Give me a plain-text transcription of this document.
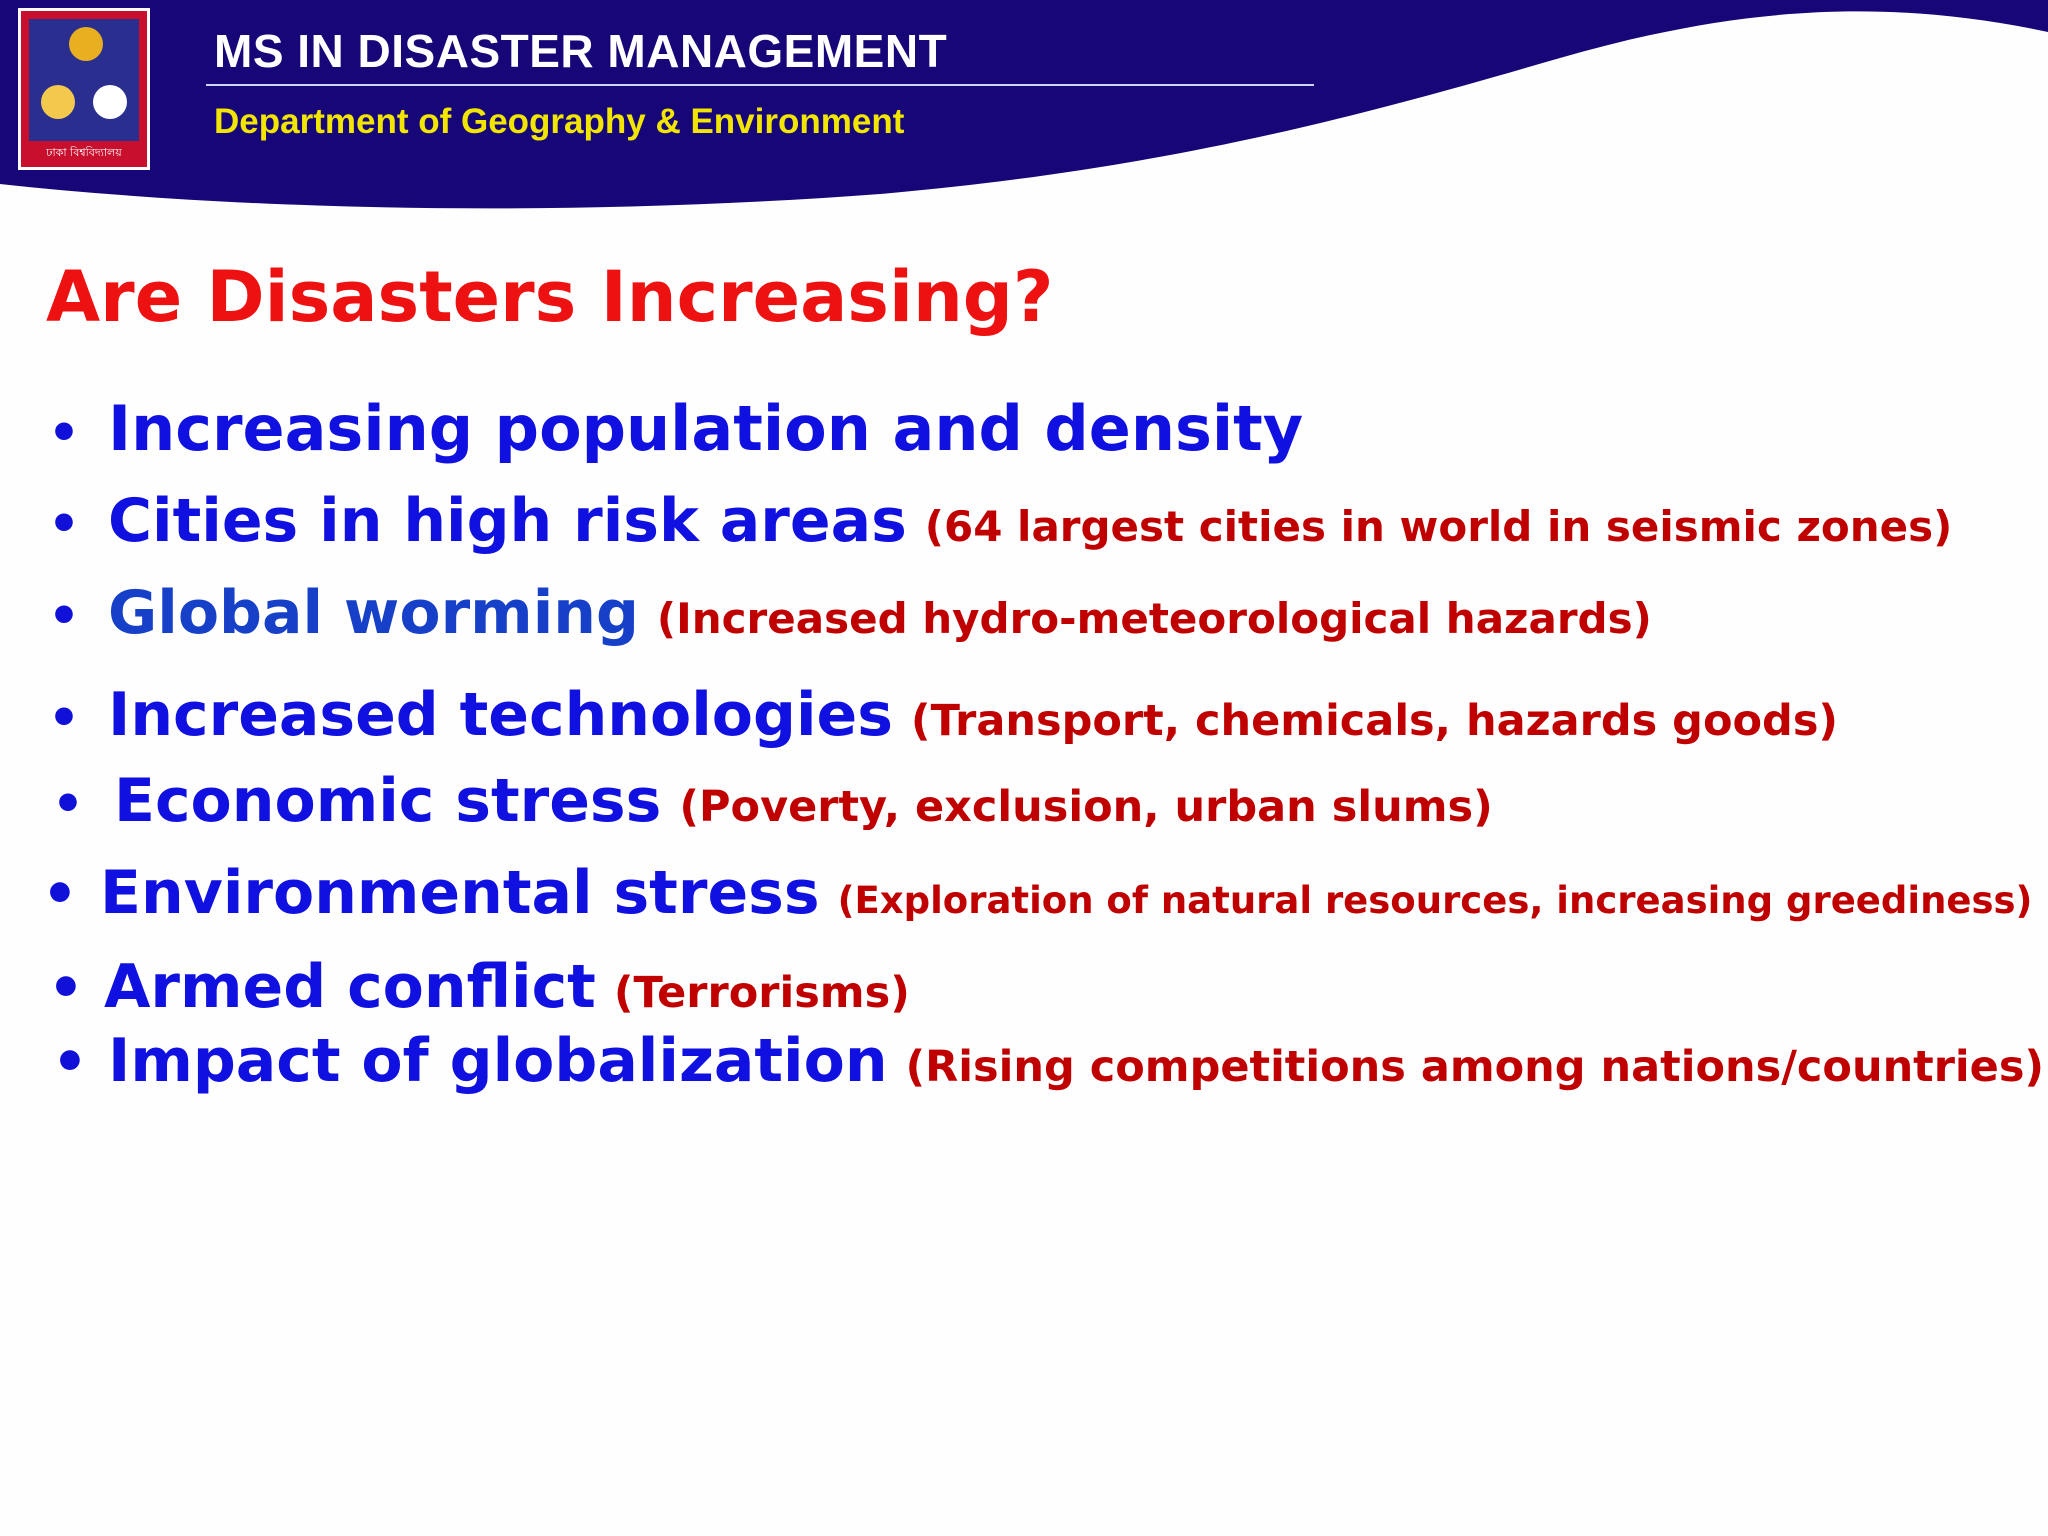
ঢাকা বিশ্ববিদ্যালয়
MS IN DISASTER MANAGEMENT
Department of Geography & Environment
Are Disasters Increasing?
• Increasing population and density
• Cities in high risk areas (64 largest cities in world in seismic zones)
• Global worming (Increased hydro-meteorological hazards)
• Increased technologies (Transport, chemicals, hazards goods)
• Economic stress (Poverty, exclusion, urban slums)
• Environmental stress (Exploration of natural resources, increasing greediness)
• Armed conflict (Terrorisms)
• Impact of globalization (Rising competitions among nations/countries)
